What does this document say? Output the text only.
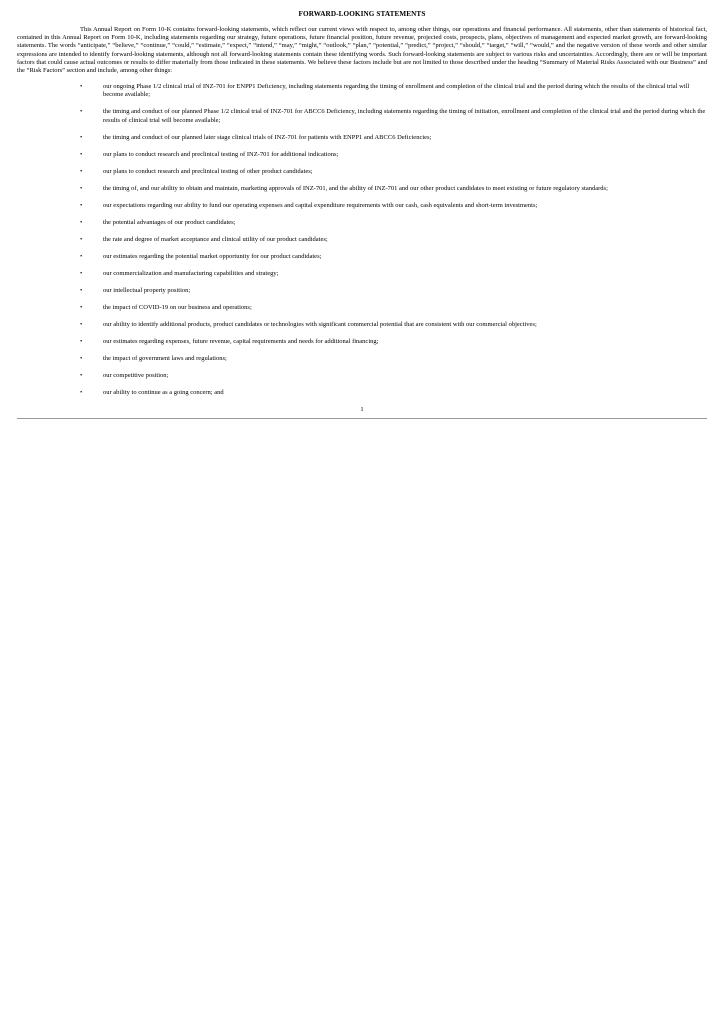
FORWARD-LOOKING STATEMENTS

This Annual Report on Form 10-K contains forward-looking statements, which reflect our current views with respect to, among other things, our operations and financial performance. All statements, other than statements of historical fact, contained in this Annual Report on Form 10-K, including statements regarding our strategy, future operations, future financial position, future revenue, projected costs, prospects, plans, objectives of management and expected market growth, are forward-looking statements. The words “anticipate,” “believe,” “continue,” “could,” “estimate,” “expect,” “intend,” “may,” “might,” “outlook,” “plan,” “potential,” “predict,” “project,” “should,” “target,” “will,” “would,” and the negative version of these words and other similar expressions are intended to identify forward-looking statements, although not all forward-looking statements contain these identifying words. Such forward-looking statements are subject to various risks and uncertainties. Accordingly, there are or will be important factors that could cause actual outcomes or results to differ materially from those indicated in these statements. We believe these factors include but are not limited to those described under the heading “Summary of Material Risks Associated with our Business” and the “Risk Factors” section and include, among other things:

•	our ongoing Phase 1/2 clinical trial of INZ-701 for ENPP1 Deficiency, including statements regarding the timing of enrollment and completion of the clinical trial and the period during which the results of the clinical trial will become available;
•	the timing and conduct of our planned Phase 1/2 clinical trial of INZ-701 for ABCC6 Deficiency, including statements regarding the timing of initiation, enrollment and completion of the clinical trial and the period during which the results of clinical trial will become available;
•	the timing and conduct of our planned later stage clinical trials of INZ-701 for patients with ENPP1 and ABCC6 Deficiencies;
•	our plans to conduct research and preclinical testing of INZ-701 for additional indications;
•	our plans to conduct research and preclinical testing of other product candidates;
•	the timing of, and our ability to obtain and maintain, marketing approvals of INZ-701, and the ability of INZ-701 and our other product candidates to meet existing or future regulatory standards;
•	our expectations regarding our ability to fund our operating expenses and capital expenditure requirements with our cash, cash equivalents and short-term investments;
•	the potential advantages of our product candidates;
•	the rate and degree of market acceptance and clinical utility of our product candidates;
•	our estimates regarding the potential market opportunity for our product candidates;
•	our commercialization and manufacturing capabilities and strategy;
•	our intellectual property position;
•	the impact of COVID-19 on our business and operations;
•	our ability to identify additional products, product candidates or technologies with significant commercial potential that are consistent with our commercial objectives;
•	our estimates regarding expenses, future revenue, capital requirements and needs for additional financing;
•	the impact of government laws and regulations;
•	our competitive position;
•	our ability to continue as a going concern; and
1
